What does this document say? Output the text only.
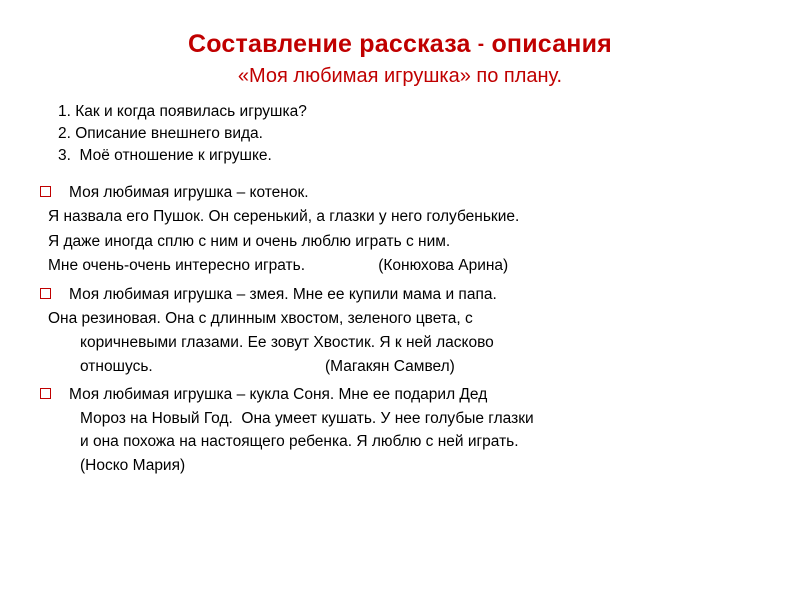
Составление рассказа - описания
«Моя любимая игрушка» по плану.
1. Как и когда появилась игрушка?
2. Описание внешнего вида.
3.  Моё отношение к игрушке.
Моя любимая игрушка – котенок.
Я назвала его Пушок. Он серенький, а глазки у него голубенькие.
Я даже иногда сплю с ним и очень люблю играть с ним.
Мне очень-очень интересно играть.                 (Конюхова Арина)
Моя любимая игрушка – змея. Мне ее купили мама и папа.
Она резиновая. Она с длинным хвостом, зеленого цвета, с
коричневыми глазами. Ее зовут Хвостик. Я к ней ласково
отношусь.                                        (Магакян Самвел)
Моя любимая игрушка – кукла Соня. Мне ее подарил Дед
Мороз на Новый Год.  Она умеет кушать. У нее голубые глазки
и она похожа на настоящего ребенка. Я люблю с ней играть.
(Носко Мария)
